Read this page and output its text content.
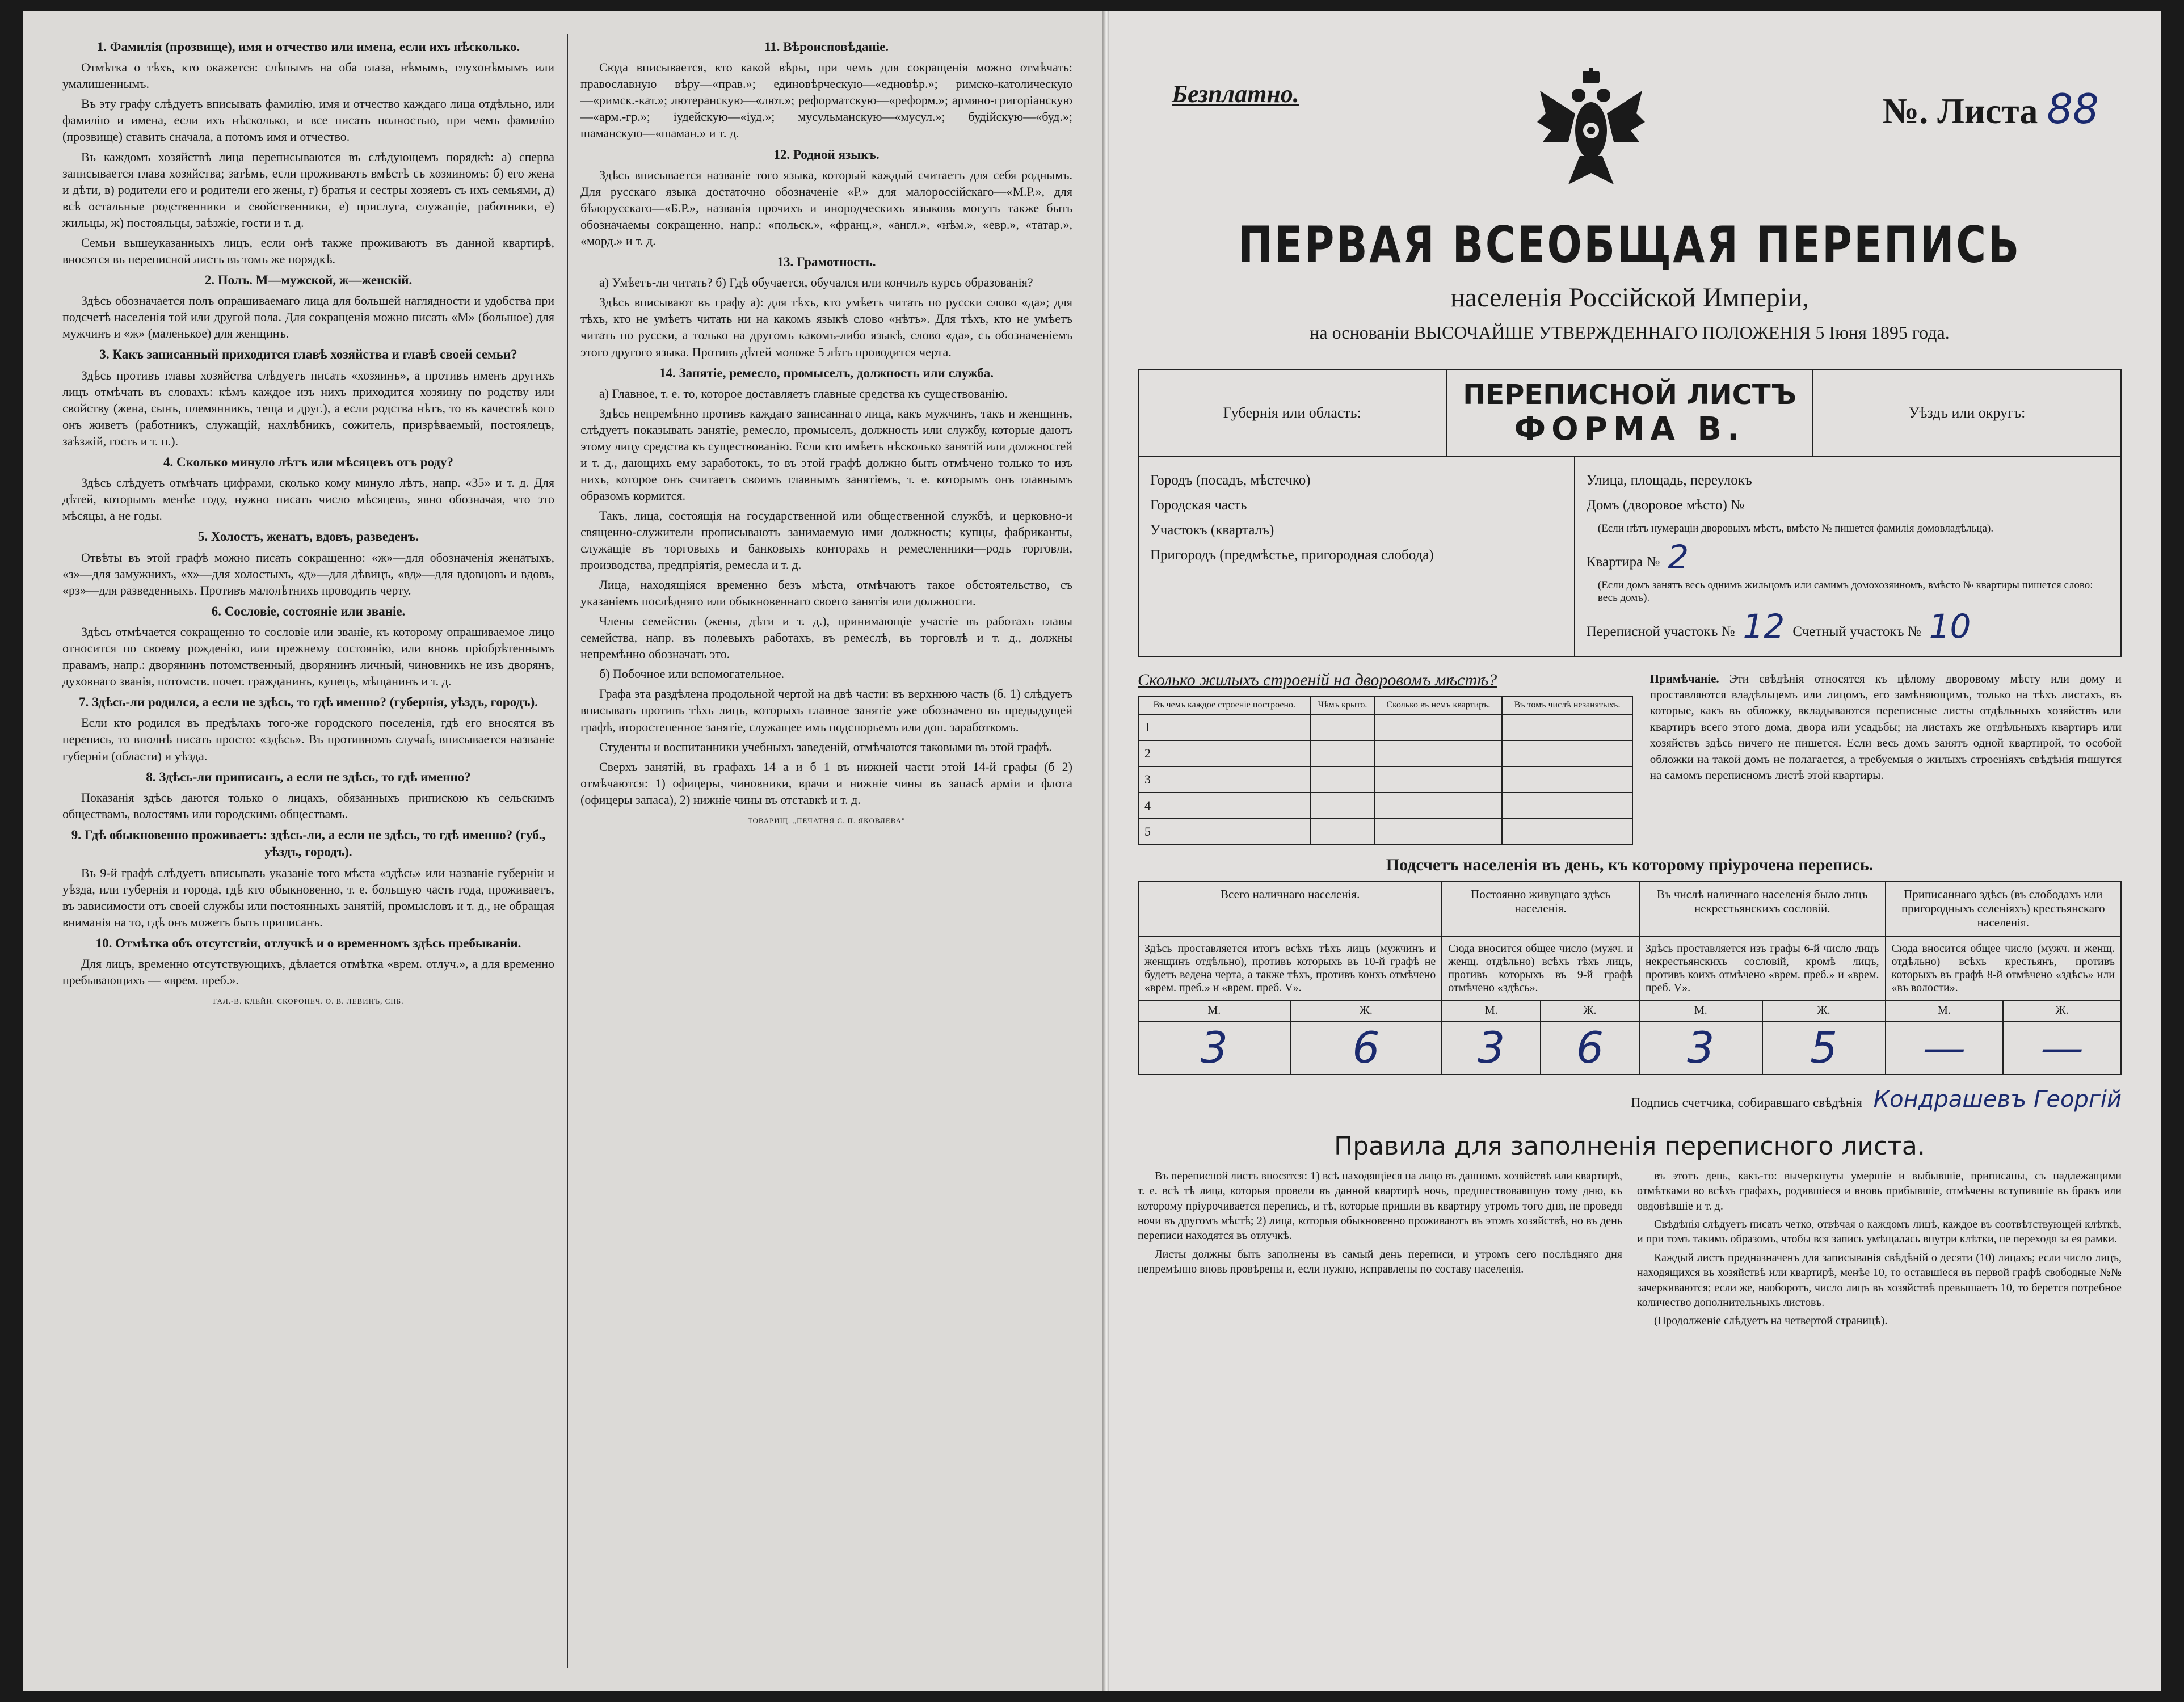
1. Фамилія (прозвище), имя и отчество или имена, если ихъ нѣсколько.

Отмѣтка о тѣхъ, кто окажется: слѣпымъ на оба глаза, нѣмымъ, глухонѣмымъ или умалишеннымъ.

Въ эту графу слѣдуетъ вписывать фамилію, имя и отчество каждаго лица отдѣльно, или фамилію и имена, если ихъ нѣсколько, и все писать полностью, при чемъ фамилію (прозвище) ставить сначала, а потомъ имя и отчество.

Въ каждомъ хозяйствѣ лица переписываются въ слѣдующемъ порядкѣ: а) сперва записывается глава хозяйства; затѣмъ, если проживаютъ вмѣстѣ съ хозяиномъ: б) его жена и дѣти, в) родители его и родители его жены, г) братья и сестры хозяевъ съ ихъ семьями, д) всѣ остальные родственники и свойственники, е) прислуга, служащіе, работники, е) жильцы, ж) постояльцы, заѣзжіе, гости и т. д.

Семьи вышеуказанныхъ лицъ, если онѣ также проживаютъ въ данной квартирѣ, вносятся въ переписной листъ въ томъ же порядкѣ.

2. Полъ. М—мужской, ж—женскій.

Здѣсь обозначается полъ опрашиваемаго лица для большей наглядности и удобства при подсчетѣ населенія той или другой пола. Для сокращенія можно писать «М» (большое) для мужчинъ и «ж» (маленькое) для женщинъ.

3. Какъ записанный приходится главѣ хозяйства и главѣ своей семьи?

Здѣсь противъ главы хозяйства слѣдуетъ писать «хозяинъ», а противъ именъ другихъ лицъ отмѣчать въ словахъ: кѣмъ каждое изъ нихъ приходится хозяину по родству или свойству (жена, сынъ, племянникъ, теща и друг.), а если родства нѣтъ, то въ качествѣ кого онъ живетъ (работникъ, служащій, нахлѣбникъ, сожитель, призрѣваемый, постоялецъ, заѣзжій, гость и т. п.).

4. Сколько минуло лѣтъ или мѣсяцевъ отъ роду?

Здѣсь слѣдуетъ отмѣчать цифрами, сколько кому минуло лѣтъ, напр. «35» и т. д. Для дѣтей, которымъ менѣе году, нужно писать число мѣсяцевъ, явно обозначая, что это мѣсяцы, а не годы.

5. Холостъ, женатъ, вдовъ, разведенъ.

Отвѣты въ этой графѣ можно писать сокращенно: «ж»—для обозначенія женатыхъ, «з»—для замужнихъ, «х»—для холостыхъ, «д»—для дѣвицъ, «вд»—для вдовцовъ и вдовъ, «рз»—для разведенныхъ. Противъ малолѣтнихъ проводить черту.

6. Сословіе, состояніе или званіе.

Здѣсь отмѣчается сокращенно то сословіе или званіе, къ которому опрашиваемое лицо относится по своему рожденію, или прежнему состоянію, или вновь пріобрѣтеннымъ правамъ, напр.: дворянинъ потомственный, дворянинъ личный, чиновникъ не изъ дворянъ, духовнаго званія, потомств. почет. гражданинъ, купецъ, мѣщанинъ и т. д.

7. Здѣсь-ли родился, а если не здѣсь, то гдѣ именно? (губернія, уѣздъ, городъ).

Если кто родился въ предѣлахъ того-же городского поселенія, гдѣ его вносятся въ перепись, то вполнѣ писать просто: «здѣсь». Въ противномъ случаѣ, вписывается названіе губерніи (области) и уѣзда.

8. Здѣсь-ли приписанъ, а если не здѣсь, то гдѣ именно?

Показанія здѣсь даются только о лицахъ, обязанныхъ припискою къ сельскимъ обществамъ, волостямъ или городскимъ обществамъ.

9. Гдѣ обыкновенно проживаетъ: здѣсь-ли, а если не здѣсь, то гдѣ именно? (губ., уѣздъ, городъ).

Въ 9-й графѣ слѣдуетъ вписывать указаніе того мѣста «здѣсь» или названіе губерніи и уѣзда, или губернія и города, гдѣ кто обыкновенно, т. е. большую часть года, проживаетъ, въ зависимости отъ своей службы или постоянныхъ занятій, промысловъ и т. д., не обращая вниманія на то, гдѣ онъ можетъ быть приписанъ.

10. Отмѣтка объ отсутствіи, отлучкѣ и о временномъ здѣсь пребываніи.

Для лицъ, временно отсутствующихъ, дѣлается отмѣтка «врем. отлуч.», а для временно пребывающихъ — «врем. преб.».

ГАЛ.-В. КЛЕЙН. СКОРОПЕЧ. О. В. ЛЕВИНЪ, СПБ.
11. Вѣроисповѣданіе.

Сюда вписывается, кто какой вѣры, при чемъ для сокращенія можно отмѣчать: православную вѣру—«прав.»; единовѣрческую—«едновѣр.»; римско-католическую—«римск.-кат.»; лютеранскую—«лют.»; реформатскую—«реформ.»; армяно-григоріанскую—«арм.-гр.»; іудейскую—«іуд.»; мусульманскую—«мусул.»; будійскую—«буд.»; шаманскую—«шаман.» и т. д.

12. Родной языкъ.

Здѣсь вписывается названіе того языка, который каждый считаетъ для себя роднымъ. Для русскаго языка достаточно обозначеніе «Р.» для малороссійскаго—«М.Р.», для бѣлорусскаго—«Б.Р.», названія прочихъ и инородческихъ языковъ могутъ также быть обозначаемы сокращенно, напр.: «польск.», «франц.», «англ.», «нѣм.», «евр.», «татар.», «морд.» и т. д.

13. Грамотность.

а) Умѣетъ-ли читать? б) Гдѣ обучается, обучался или кончилъ курсъ образованія?

Здѣсь вписывают въ графу а): для тѣхъ, кто умѣетъ читать по русски слово «да»; для тѣхъ, кто не умѣетъ читать ни на какомъ языкѣ слово «нѣтъ». Для тѣхъ, кто не умѣетъ читать по русски, а только на другомъ какомъ-либо языкѣ, слово «да», съ обозначеніемъ этого другого языка. Противъ дѣтей моложе 5 лѣтъ проводится черта.

14. Занятіе, ремесло, промыселъ, должность или служба.

а) Главное, т. е. то, которое доставляетъ главные средства къ существованію.

Здѣсь непремѣнно противъ каждаго записаннаго лица, какъ мужчинъ, такъ и женщинъ, слѣдуетъ показывать занятіе, ремесло, промыселъ, должность или службу, которые даютъ этому лицу средства къ существованію. Если кто имѣетъ нѣсколько занятій или должностей и т. д., дающихъ ему заработокъ, то въ этой графѣ должно быть отмѣчено только то изъ нихъ, которое онъ считаетъ своимъ главнымъ занятіемъ, т. е. которымъ онъ главнымъ образомъ кормится.

Такъ, лица, состоящія на государственной или общественной службѣ, и церковно-и священно-служители прописываютъ занимаемую ими должность; купцы, фабриканты, служащіе въ торговыхъ и банковыхъ конторахъ и ремесленники—родъ торговли, производства, предпріятія, ремесла и т. д.

Лица, находящіяся временно безъ мѣста, отмѣчаютъ такое обстоятельство, съ указаніемъ послѣдняго или обыкновеннаго своего занятія или должности.

Члены семействъ (жены, дѣти и т. д.), принимающіе участіе въ работахъ главы семейства, напр. въ полевыхъ работахъ, въ ремеслѣ, въ торговлѣ и т. д., должны непремѣнно обозначать это.

б) Побочное или вспомогательное.

Графа эта раздѣлена продольной чертой на двѣ части: въ верхнюю часть (б. 1) слѣдуетъ вписывать противъ тѣхъ лицъ, которыхъ главное занятіе уже обозначено въ предыдущей графѣ, второстепенное занятіе, служащее имъ подспорьемъ или доп. заработкомъ.

Студенты и воспитанники учебныхъ заведеній, отмѣчаются таковыми въ этой графѣ.

Сверхъ занятій, въ графахъ 14 а и б 1 въ нижней части этой 14-й графы (б 2) отмѣчаются: 1) офицеры, чиновники, врачи и нижніе чины въ запасѣ арміи и флота (офицеры запаса), 2) нижніе чины въ отставкѣ и т. д.

ТОВАРИЩ. „ПЕЧАТНЯ С. П. ЯКОВЛЕВА"
Безплатно.	№. Листа 88
ПЕРВАЯ ВСЕОБЩАЯ ПЕРЕПИСЬ
населенія Россійской Имперіи,
на основаніи ВЫСОЧАЙШЕ УТВЕРЖДЕННАГО ПОЛОЖЕНІЯ 5 Іюня 1895 года.
Губернія или область:
ПЕРЕПИСНОЙ ЛИСТЪ
ФОРМА В.	Уѣздъ или округъ:
Городъ (посадъ, мѣстечко)
Городская часть
Участокъ (кварталъ)
Пригородъ (предмѣстье, пригородная слобода)
Улица, площадь, переулокъ
Домъ (дворовое мѣсто) №
(Если нѣтъ нумераціи дворовыхъ мѣстъ, вмѣсто № пишется фамилія домовладѣльца).
Квартира № 2
(Если домъ занятъ весь однимъ жильцомъ или самимъ домохозяиномъ, вмѣсто № квартиры пишется слово: весь домъ).
Переписной участокъ № 12 Счетный участокъ № 10
Сколько жилыхъ строеній на дворовомъ мѣстѣ?
Въ чемъ каждое строеніе построено.	Чѣмъ крыто.	Сколько въ немъ квартиръ.	Въ томъ числѣ незанятыхъ.
1			
2			
3			
4			
5			
Примѣчаніе. Эти свѣдѣнія относятся къ цѣлому дворовому мѣсту или дому и проставляются владѣльцемъ или лицомъ, его замѣняющимъ, только на тѣхъ листахъ, въ которые, какъ въ обложку, вкладываются переписные листы отдѣльныхъ хозяйствъ или квартиръ всего этого дома, двора или усадьбы; на листахъ же отдѣльныхъ квартиръ или хозяйствъ здѣсь ничего не пишется. Если весь домъ занятъ одной квартирой, то особой обложки на такой домъ не полагается, а требуемыя о жилыхъ строеніяхъ свѣдѣнія пишутся на самомъ переписномъ листѣ этой квартиры.
Подсчетъ населенія въ день, къ которому пріурочена перепись.
Всего наличнаго населенія.		Постоянно живущаго здѣсь населенія.		Въ числѣ наличнаго населенія было лицъ некрестьянскихъ сословій.		Приписаннаго здѣсь (въ слободахъ или пригородныхъ селеніяхъ) крестьянскаго населенія.	
Здѣсь проставляется итогъ всѣхъ тѣхъ лицъ (мужчинъ и женщинъ отдѣльно), противъ которыхъ въ 10-й графѣ не будетъ ведена черта, а также тѣхъ, противъ коихъ отмѣчено «врем. преб.» и «врем. преб. V».		Сюда вносится общее число (мужч. и женщ. отдѣльно) всѣхъ тѣхъ лицъ, противъ которыхъ въ 9-й графѣ отмѣчено «здѣсь».		Здѣсь проставляется изъ графы 6-й число лицъ некрестьянскихъ сословій, кромѣ лицъ, противъ коихъ отмѣчено «врем. преб.» и «врем. преб. V».		Сюда вносится общее число (мужч. и женщ. отдѣльно) всѣхъ крестьянъ, противъ которыхъ въ графѣ 8-й отмѣчено «здѣсь» или «въ волости».	
М.	Ж.	М.	Ж.	М.	Ж.	М.	Ж.
3	6	3	6	3	5	—	—
Подпись счетчика, собиравшаго свѣдѣнія Кондрашевъ Георгій
Правила для заполненія переписного листа.

Въ переписной листъ вносятся: 1) всѣ находящіеся на лицо въ данномъ хозяйствѣ или квартирѣ, т. е. всѣ тѣ лица, которыя провели въ данной квартирѣ ночь, предшествовавшую тому дню, къ которому пріурочивается перепись, и тѣ, которые пришли въ квартиру утромъ того дня, не проведя ночи въ другомъ мѣстѣ; 2) лица, которыя обыкновенно проживаютъ въ этомъ хозяйствѣ, но въ день переписи находятся въ отлучкѣ.

Листы должны быть заполнены въ самый день переписи, и утромъ сего послѣдняго дня непремѣнно вновь провѣрены и, если нужно, исправлены по составу населенія.

въ этотъ день, какъ-то: вычеркнуты умершіе и выбывшіе, приписаны, съ надлежащими отмѣтками во всѣхъ графахъ, родившіеся и вновь прибывшіе, отмѣчены вступившіе въ бракъ или овдовѣвшіе и т. д.

Свѣдѣнія слѣдуетъ писать четко, отвѣчая о каждомъ лицѣ, каждое въ соотвѣтствующей клѣткѣ, и при томъ такимъ образомъ, чтобы вся запись умѣщалась внутри клѣтки, не переходя за ея рамки.

Каждый листъ предназначенъ для записыванія свѣдѣній о десяти (10) лицахъ; если число лицъ, находящихся въ хозяйствѣ или квартирѣ, менѣе 10, то оставшіеся въ первой графѣ свободные №№ зачеркиваются; если же, наоборотъ, число лицъ въ хозяйствѣ превышаетъ 10, то берется потребное количество дополнительныхъ листовъ.

(Продолженіе слѣдуетъ на четвертой страницѣ).
